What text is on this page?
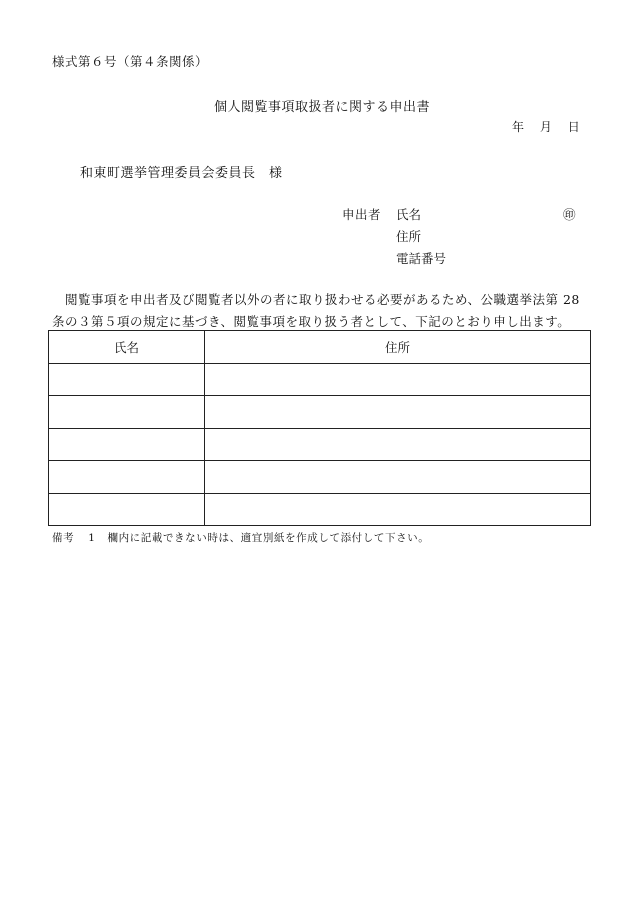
様式第６号（第４条関係）
個人閲覧事項取扱者に関する申出書
年 月 日
和東町選挙管理委員会委員長　様
申出者 氏名	㊞
住所
電話番号
閲覧事項を申出者及び閲覧者以外の者に取り扱わせる必要があるため、公職選挙法第 28
条の３第５項の規定に基づき、閲覧事項を取り扱う者として、下記のとおり申し出ます。
氏名	住所

備考 1 欄内に記載できない時は、適宜別紙を作成して添付して下さい。
